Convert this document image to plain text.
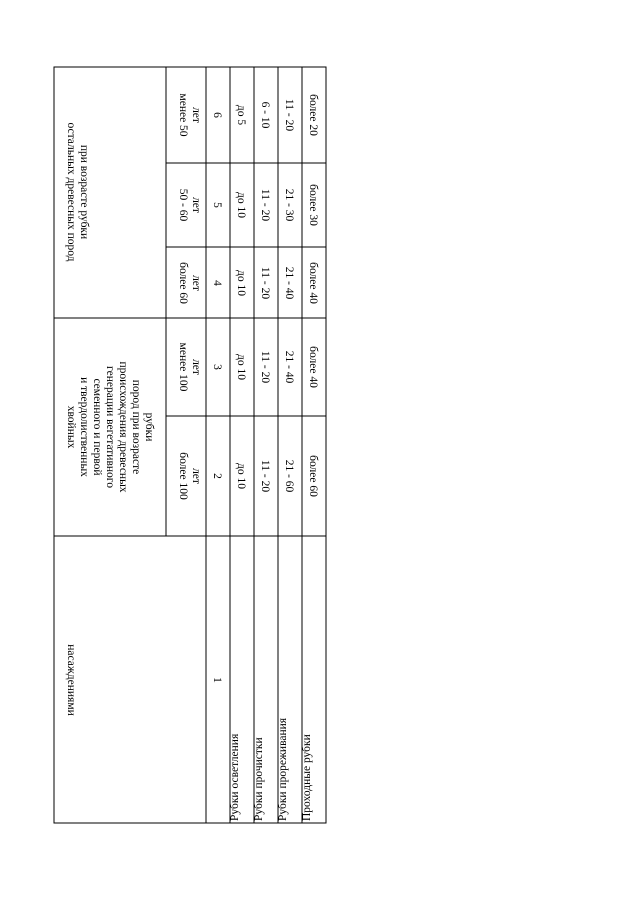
насаждениями
хвойных и твердолиственных семенного и первой генерации вегетативного происхождения древесных пород при возрасте рубки
остальных древесных пород при возрасте рубки
более 100 лет
менее 100 лет
более 60 лет
50 - 60 лет
менее 50 лет
1
2
3
4
5
6
Рубки осветления
до 10
до 10
до 10
до 10
до 5
Рубки прочистки
11 - 20
11 - 20
11 - 20
11 - 20
6 - 10
Рубки прореживания
21 - 60
21 - 40
21 - 40
21 - 30
11 - 20
Проходные рубки
более 60
более 40
более 40
более 30
более 20
